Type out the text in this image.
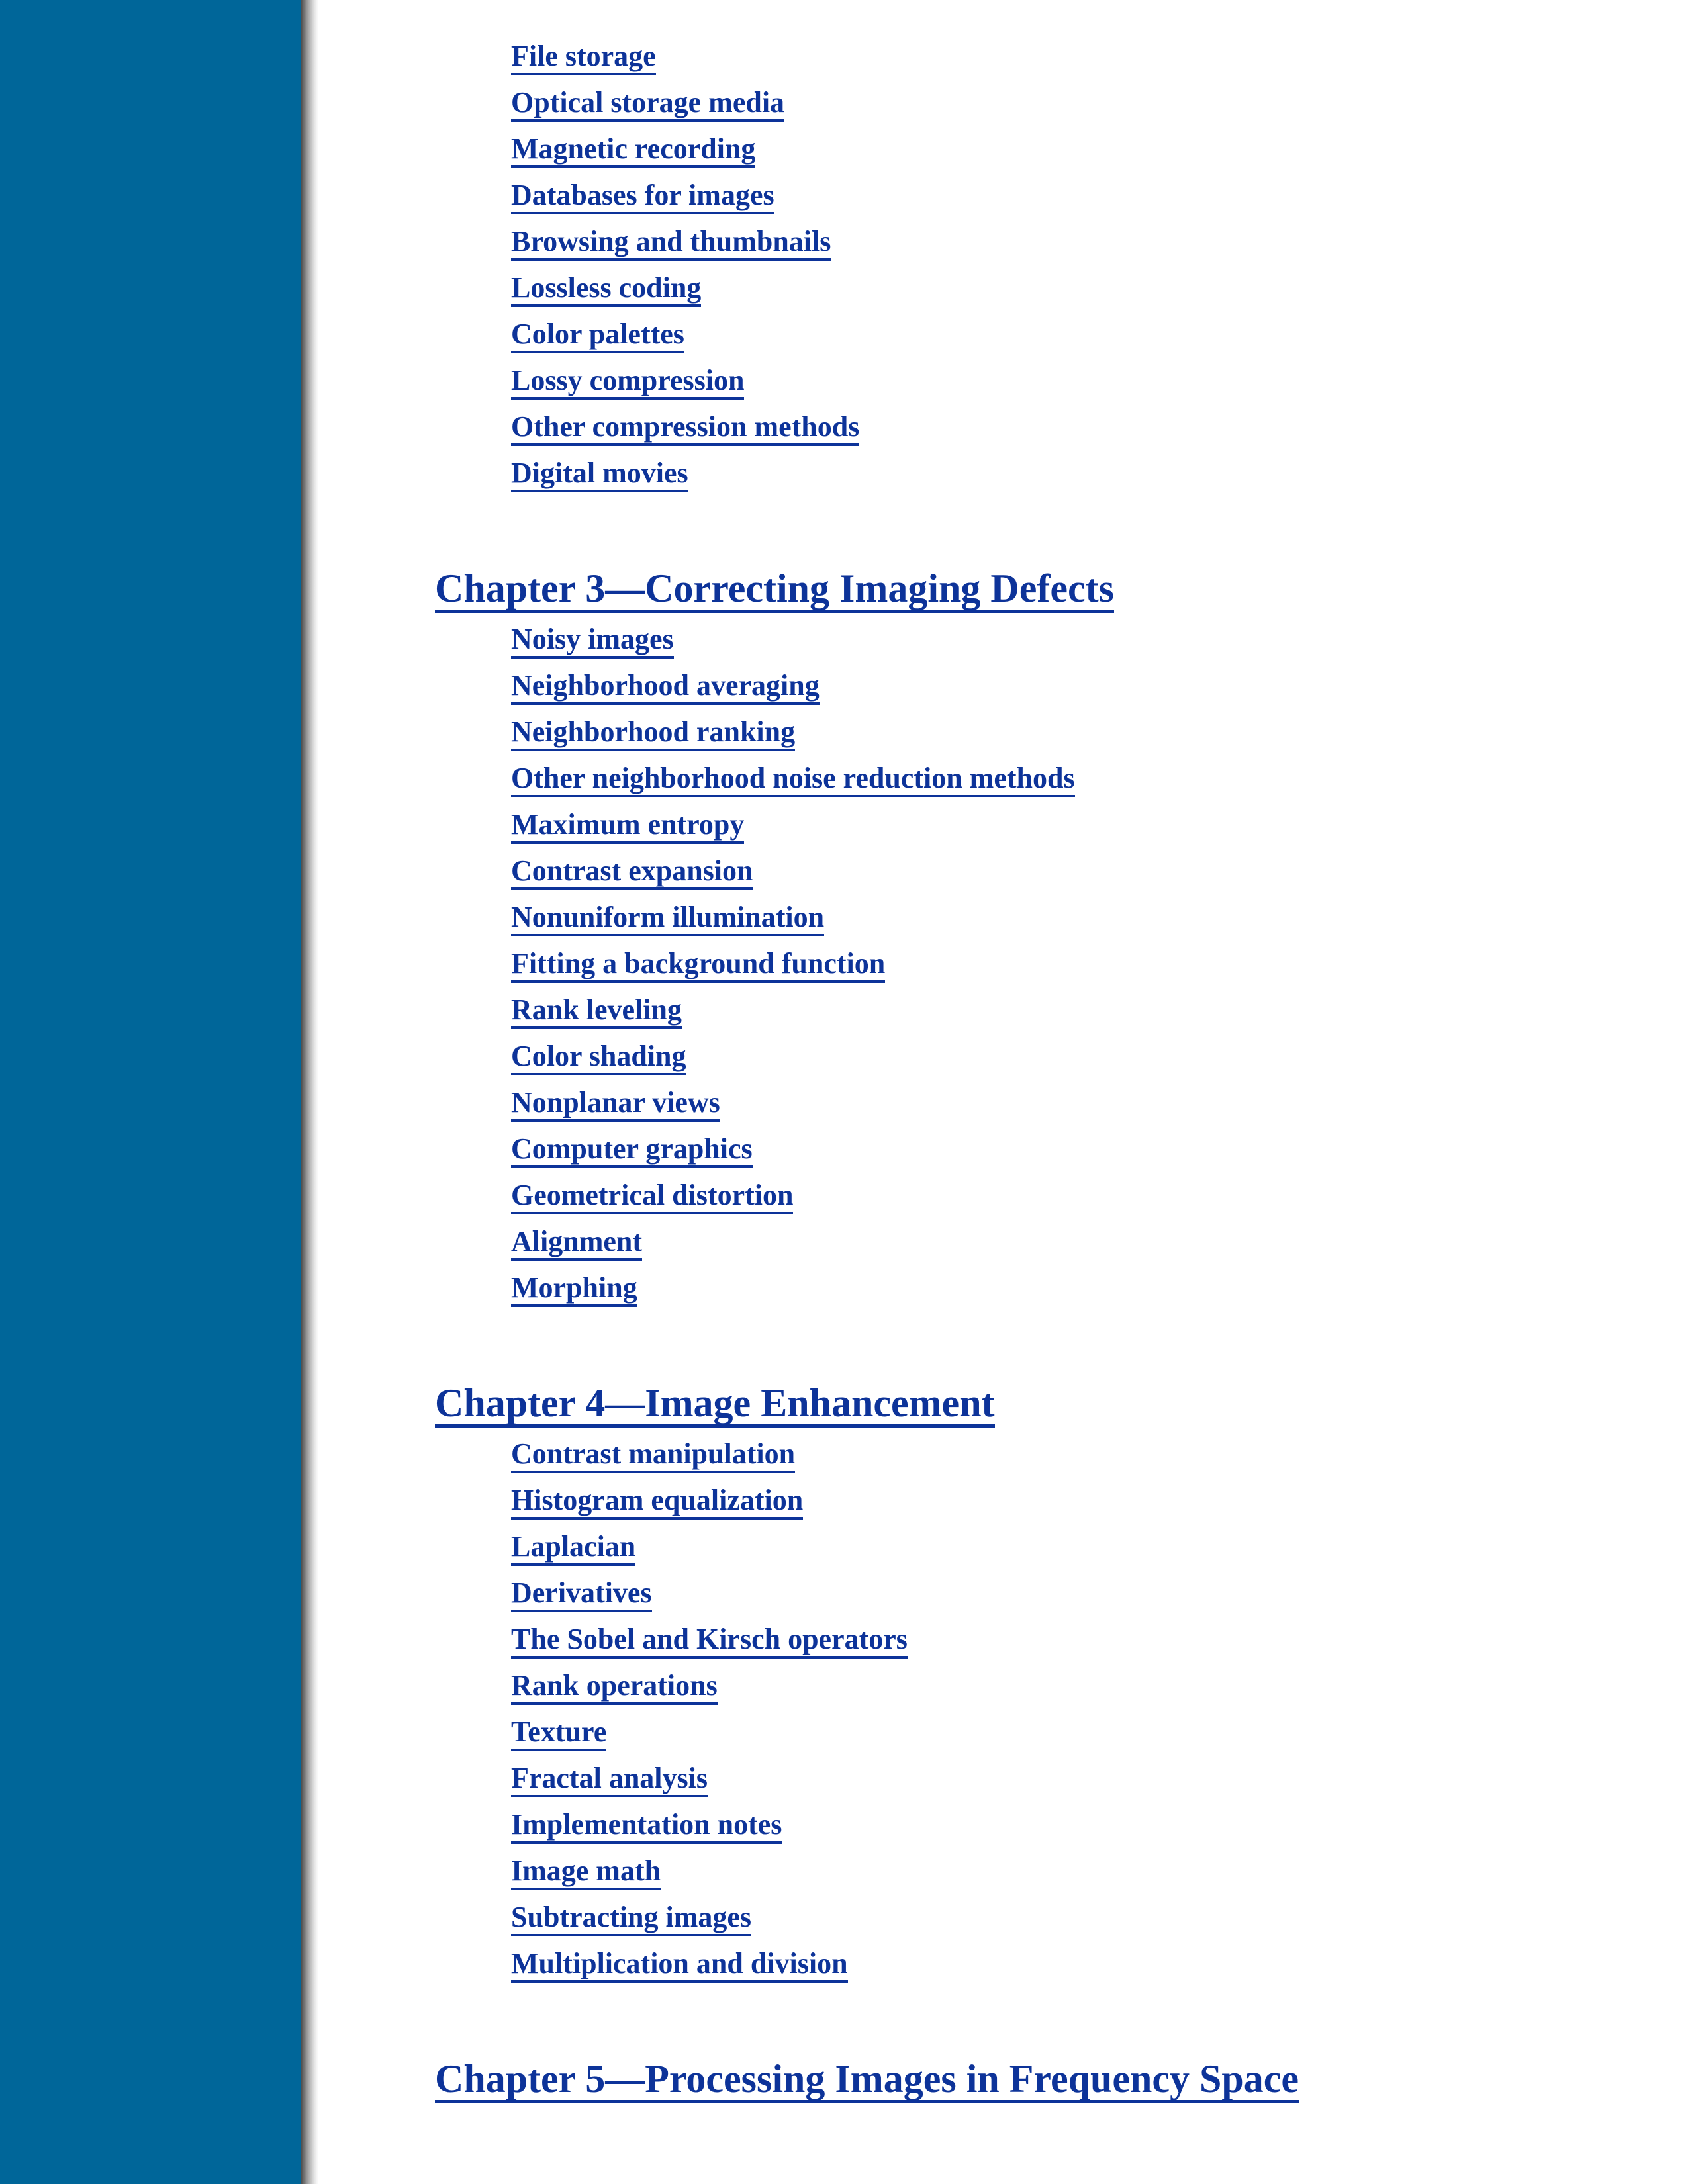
File storage
Optical storage media
Magnetic recording
Databases for images
Browsing and thumbnails
Lossless coding
Color palettes
Lossy compression
Other compression methods
Digital movies
Chapter 3—Correcting Imaging Defects
Noisy images
Neighborhood averaging
Neighborhood ranking
Other neighborhood noise reduction methods
Maximum entropy
Contrast expansion
Nonuniform illumination
Fitting a background function
Rank leveling
Color shading
Nonplanar views
Computer graphics
Geometrical distortion
Alignment
Morphing
Chapter 4—Image Enhancement
Contrast manipulation
Histogram equalization
Laplacian
Derivatives
The Sobel and Kirsch operators
Rank operations
Texture
Fractal analysis
Implementation notes
Image math
Subtracting images
Multiplication and division
Chapter 5—Processing Images in Frequency Space
